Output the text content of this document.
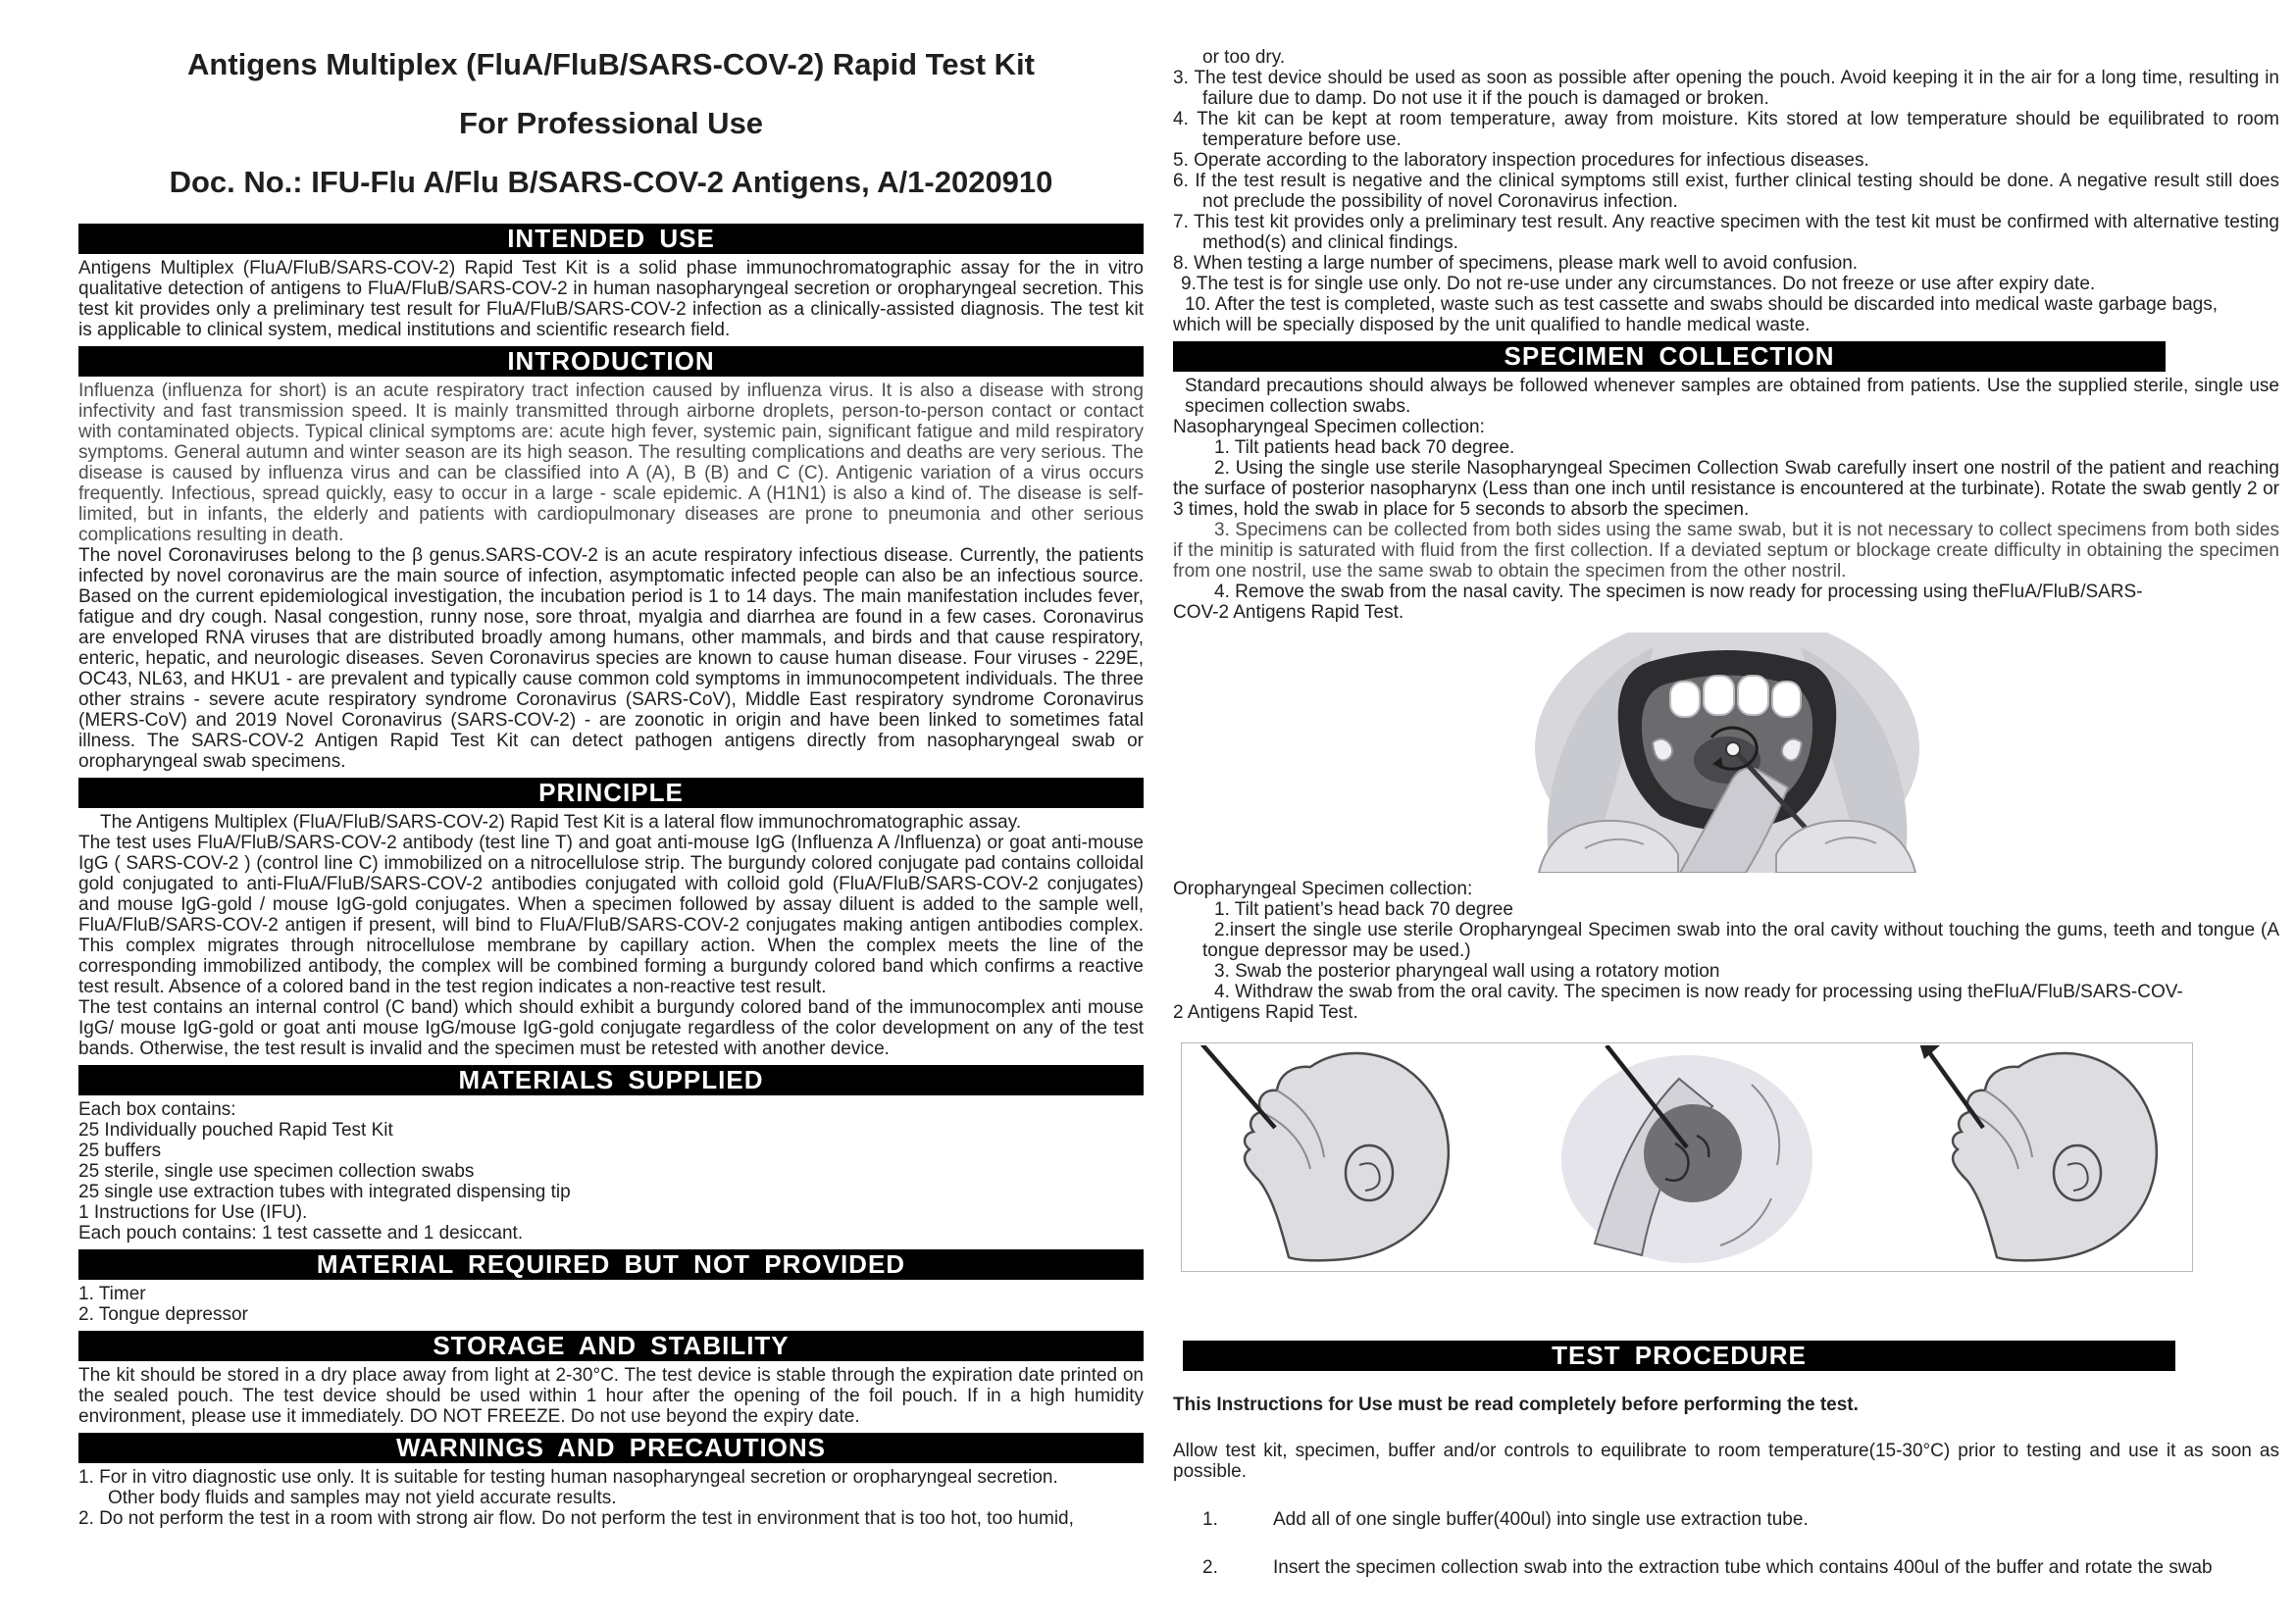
Antigens Multiplex (FluA/FluB/SARS-COV-2) Rapid Test Kit
For Professional Use
Doc. No.: IFU-Flu A/Flu B/SARS-COV-2 Antigens, A/1-2020910
INTENDED USE

Antigens Multiplex (FluA/FluB/SARS-COV-2) Rapid Test Kit is a solid phase immunochromatographic assay for the in vitro qualitative detection of antigens to FluA/FluB/SARS-COV-2 in human nasopharyngeal secretion or oropharyngeal secretion. This test kit provides only a preliminary test result for FluA/FluB/SARS-COV-2 infection as a clinically-assisted diagnosis. The test kit is applicable to clinical system, medical institutions and scientific research field.

INTRODUCTION

Influenza (influenza for short) is an acute respiratory tract infection caused by influenza virus. It is also a disease with strong infectivity and fast transmission speed. It is mainly transmitted through airborne droplets, person-to-person contact or contact with contaminated objects. Typical clinical symptoms are: acute high fever, systemic pain, significant fatigue and mild respiratory symptoms. General autumn and winter season are its high season. The resulting complications and deaths are very serious. The disease is caused by influenza virus and can be classified into A (A), B (B) and C (C). Antigenic variation of a virus occurs frequently. Infectious, spread quickly, easy to occur in a large - scale epidemic. A (H1N1) is also a kind of. The disease is self-limited, but in infants, the elderly and patients with cardiopulmonary diseases are prone to pneumonia and other serious complications resulting in death.

The novel Coronaviruses belong to the β genus.SARS-COV-2 is an acute respiratory infectious disease. Currently, the patients infected by novel coronavirus are the main source of infection, asymptomatic infected people can also be an infectious source. Based on the current epidemiological investigation, the incubation period is 1 to 14 days. The main manifestation includes fever, fatigue and dry cough. Nasal congestion, runny nose, sore throat, myalgia and diarrhea are found in a few cases. Coronavirus are enveloped RNA viruses that are distributed broadly among humans, other mammals, and birds and that cause respiratory, enteric, hepatic, and neurologic diseases. Seven Coronavirus species are known to cause human disease. Four viruses - 229E, OC43, NL63, and HKU1 - are prevalent and typically cause common cold symptoms in immunocompetent individuals. The three other strains - severe acute respiratory syndrome Coronavirus (SARS-CoV), Middle East respiratory syndrome Coronavirus (MERS-CoV) and 2019 Novel Coronavirus (SARS-COV-2) - are zoonotic in origin and have been linked to sometimes fatal illness. The SARS-COV-2 Antigen Rapid Test Kit can detect pathogen antigens directly from nasopharyngeal swab or oropharyngeal swab specimens.

PRINCIPLE

The Antigens Multiplex (FluA/FluB/SARS-COV-2) Rapid Test Kit is a lateral flow immunochromatographic assay.

The test uses FluA/FluB/SARS-COV-2 antibody (test line T) and goat anti-mouse IgG (Influenza A /Influenza) or goat anti-mouse IgG ( SARS-COV-2 ) (control line C) immobilized on a nitrocellulose strip. The burgundy colored conjugate pad contains colloidal gold conjugated to anti-FluA/FluB/SARS-COV-2 antibodies conjugated with colloid gold (FluA/FluB/SARS-COV-2 conjugates) and mouse IgG-gold / mouse IgG-gold conjugates. When a specimen followed by assay diluent is added to the sample well, FluA/FluB/SARS-COV-2 antigen if present, will bind to FluA/FluB/SARS-COV-2 conjugates making antigen antibodies complex. This complex migrates through nitrocellulose membrane by capillary action. When the complex meets the line of the corresponding immobilized antibody, the complex will be combined forming a burgundy colored band which confirms a reactive test result. Absence of a colored band in the test region indicates a non-reactive test result.

The test contains an internal control (C band) which should exhibit a burgundy colored band of the immunocomplex anti mouse IgG/ mouse IgG-gold or goat anti mouse IgG/mouse IgG-gold conjugate regardless of the color development on any of the test bands. Otherwise, the test result is invalid and the specimen must be retested with another device.

MATERIALS SUPPLIED

Each box contains:

25 Individually pouched Rapid Test Kit

25 buffers

25 sterile, single use specimen collection swabs

25 single use extraction tubes with integrated dispensing tip

1 Instructions for Use (IFU).

Each pouch contains: 1 test cassette and 1 desiccant.

MATERIAL REQUIRED BUT NOT PROVIDED

1. Timer

2. Tongue depressor

STORAGE AND STABILITY

The kit should be stored in a dry place away from light at 2-30°C. The test device is stable through the expiration date printed on the sealed pouch. The test device should be used within 1 hour after the opening of the foil pouch. If in a high humidity environment, please use it immediately. DO NOT FREEZE. Do not use beyond the expiry date.

WARNINGS AND PRECAUTIONS

1. For in vitro diagnostic use only. It is suitable for testing human nasopharyngeal secretion or oropharyngeal secretion.
Other body fluids and samples may not yield accurate results.

2. Do not perform the test in a room with strong air flow. Do not perform the test in environment that is too hot, too humid,

or too dry.

3. The test device should be used as soon as possible after opening the pouch. Avoid keeping it in the air for a long time, resulting in failure due to damp. Do not use it if the pouch is damaged or broken.

4. The kit can be kept at room temperature, away from moisture. Kits stored at low temperature should be equilibrated to room temperature before use.

5. Operate according to the laboratory inspection procedures for infectious diseases.

6. If the test result is negative and the clinical symptoms still exist, further clinical testing should be done. A negative result still does not preclude the possibility of novel Coronavirus infection.

7. This test kit provides only a preliminary test result. Any reactive specimen with the test kit must be confirmed with alternative testing method(s) and clinical findings.

8. When testing a large number of specimens, please mark well to avoid confusion.

9.The test is for single use only. Do not re-use under any circumstances. Do not freeze or use after expiry date.

10. After the test is completed, waste such as test cassette and swabs should be discarded into medical waste garbage bags,
which will be specially disposed by the unit qualified to handle medical waste.

SPECIMEN COLLECTION

Standard precautions should always be followed whenever samples are obtained from patients. Use the supplied sterile, single use specimen collection swabs.

Nasopharyngeal Specimen collection:

1. Tilt patients head back 70 degree.

2. Using the single use sterile Nasopharyngeal Specimen Collection Swab carefully insert one nostril of the patient and reaching the surface of posterior nasopharynx (Less than one inch until resistance is encountered at the turbinate). Rotate the swab gently 2 or 3 times, hold the swab in place for 5 seconds to absorb the specimen.

3. Specimens can be collected from both sides using the same swab, but it is not necessary to collect specimens from both sides if the minitip is saturated with fluid from the first collection. If a deviated septum or blockage create difficulty in obtaining the specimen from one nostril, use the same swab to obtain the specimen from the other nostril.

4. Remove the swab from the nasal cavity. The specimen is now ready for processing using theFluA/FluB/SARS-
COV-2 Antigens Rapid Test.

Oropharyngeal Specimen collection:

1. Tilt patient’s head back 70 degree

2.insert the single use sterile Oropharyngeal Specimen swab into the oral cavity without touching the gums, teeth and tongue (A tongue depressor may be used.)

3. Swab the posterior pharyngeal wall using a rotatory motion

4. Withdraw the swab from the oral cavity. The specimen is now ready for processing using theFluA/FluB/SARS-COV-
2 Antigens Rapid Test.

TEST PROCEDURE

This Instructions for Use must be read completely before performing the test.

Allow test kit, specimen, buffer and/or controls to equilibrate to room temperature(15-30°C) prior to testing and use it as soon as possible.

1.	Add all of one single buffer(400ul) into single use extraction tube.
2.	Insert the specimen collection swab into the extraction tube which contains 400ul of the buffer and rotate the swab
